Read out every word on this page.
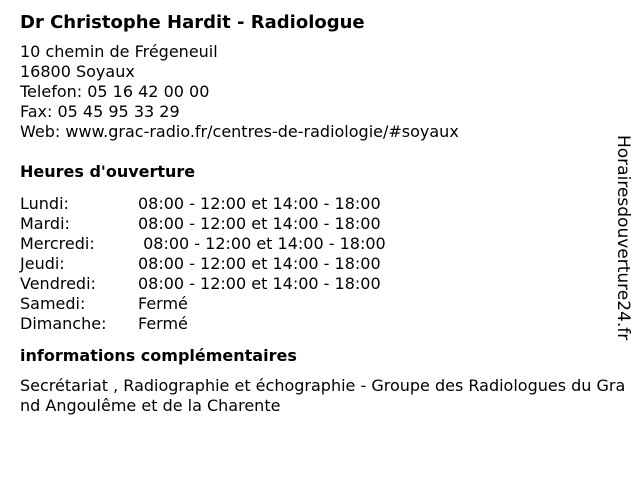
Dr Christophe Hardit - Radiologue
10 chemin de Frégeneuil
16800 Soyaux
Telefon: 05 16 42 00 00
Fax: 05 45 95 33 29
Web: www.grac-radio.fr/centres-de-radiologie/#soyaux
Heures d'ouverture
Lundi:	08:00 - 12:00 et 14:00 - 18:00
Mardi:	08:00 - 12:00 et 14:00 - 18:00
Mercredi:	08:00 - 12:00 et 14:00 - 18:00
Jeudi:	08:00 - 12:00 et 14:00 - 18:00
Vendredi:	08:00 - 12:00 et 14:00 - 18:00
Samedi:	Fermé
Dimanche:	Fermé
informations complémentaires
Secrétariat , Radiographie et échographie - Groupe des Radiologues du Grand Angoulême et de la Charente
Horairesdouverture24.fr
